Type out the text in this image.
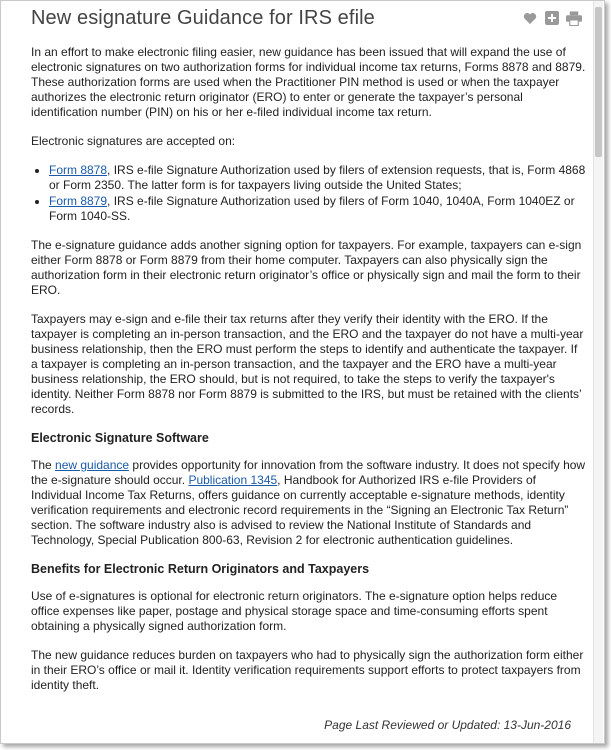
New esignature Guidance for IRS efile

In an effort to make electronic filing easier, new guidance has been issued that will expand the use of electronic signatures on two authorization forms for individual income tax returns, Forms 8878 and 8879. These authorization forms are used when the Practitioner PIN method is used or when the taxpayer authorizes the electronic return originator (ERO) to enter or generate the taxpayer’s personal identification number (PIN) on his or her e-filed individual income tax return.

Electronic signatures are accepted on:

• Form 8878, IRS e-file Signature Authorization used by filers of extension requests, that is, Form 4868 or Form 2350. The latter form is for taxpayers living outside the United States;
• Form 8879, IRS e-file Signature Authorization used by filers of Form 1040, 1040A, Form 1040EZ or Form 1040-SS.

The e-signature guidance adds another signing option for taxpayers. For example, taxpayers can e-sign either Form 8878 or Form 8879 from their home computer. Taxpayers can also physically sign the authorization form in their electronic return originator’s office or physically sign and mail the form to their ERO.

Taxpayers may e-sign and e-file their tax returns after they verify their identity with the ERO. If the taxpayer is completing an in-person transaction, and the ERO and the taxpayer do not have a multi-year business relationship, then the ERO must perform the steps to identify and authenticate the taxpayer. If a taxpayer is completing an in-person transaction, and the taxpayer and the ERO have a multi-year business relationship, the ERO should, but is not required, to take the steps to verify the taxpayer's identity. Neither Form 8878 nor Form 8879 is submitted to the IRS, but must be retained with the clients’ records.

Electronic Signature Software

The new guidance provides opportunity for innovation from the software industry. It does not specify how the e-signature should occur. Publication 1345, Handbook for Authorized IRS e-file Providers of Individual Income Tax Returns, offers guidance on currently acceptable e-signature methods, identity verification requirements and electronic record requirements in the “Signing an Electronic Tax Return” section. The software industry also is advised to review the National Institute of Standards and Technology, Special Publication 800-63, Revision 2 for electronic authentication guidelines.

Benefits for Electronic Return Originators and Taxpayers

Use of e-signatures is optional for electronic return originators. The e-signature option helps reduce office expenses like paper, postage and physical storage space and time-consuming efforts spent obtaining a physically signed authorization form.

The new guidance reduces burden on taxpayers who had to physically sign the authorization form either in their ERO’s office or mail it. Identity verification requirements support efforts to protect taxpayers from identity theft.

Page Last Reviewed or Updated: 13-Jun-2016
